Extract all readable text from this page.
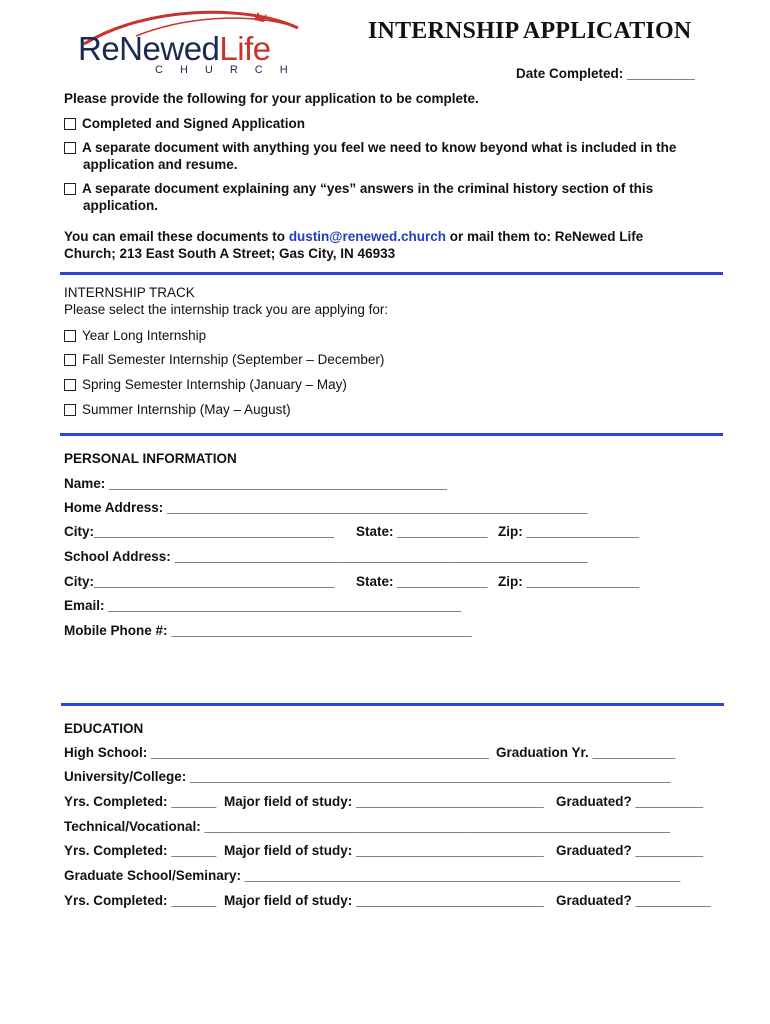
ReNewedLife
CHURCH
INTERNSHIP APPLICATION
Date Completed: _________
Please provide the following for your application to be complete.
Completed and Signed Application
A separate document with anything you feel we need to know beyond what is included in the
application and resume.
A separate document explaining any “yes” answers in the criminal history section of this
application.
You can email these documents to dustin@renewed.church or mail them to: ReNewed Life
Church; 213 East South A Street; Gas City, IN 46933
INTERNSHIP TRACK
Please select the internship track you are applying for:
Year Long Internship
Fall Semester Internship (September – December)
Spring Semester Internship (January – May)
Summer Internship (May – August)
PERSONAL INFORMATION
Name: _____________________________________________
Home Address: ________________________________________________________
City:________________________________ State: ____________ Zip: _______________
School Address: _______________________________________________________
City:________________________________ State: ____________ Zip: _______________
Email: _______________________________________________
Mobile Phone #: ________________________________________
EDUCATION
High School: _____________________________________________ Graduation Yr. ___________
University/College: ________________________________________________________________
Yrs. Completed: ______ Major field of study: _________________________ Graduated? _________
Technical/Vocational: ______________________________________________________________
Yrs. Completed: ______ Major field of study: _________________________ Graduated? _________
Graduate School/Seminary: __________________________________________________________
Yrs. Completed: ______ Major field of study: _________________________ Graduated? __________
